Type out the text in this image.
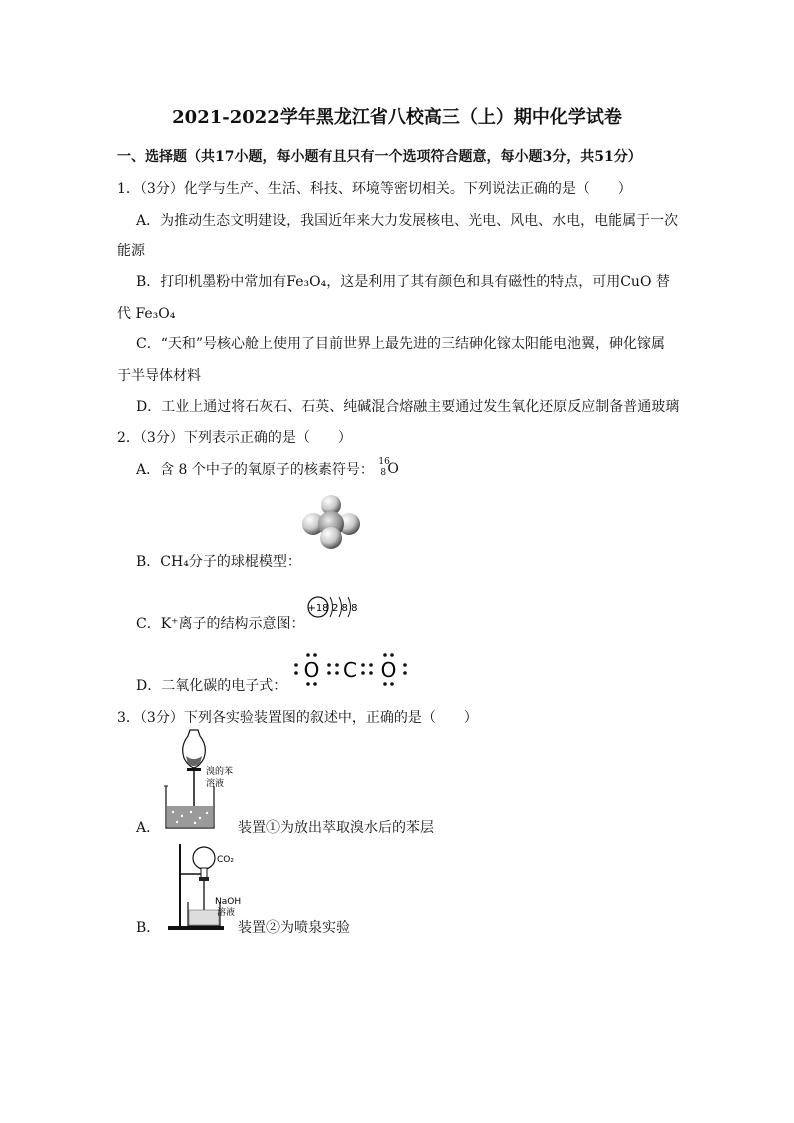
2021-2022学年黑龙江省八校高三（上）期中化学试卷
一、选择题（共17小题，每小题有且只有一个选项符合题意，每小题3分，共51分）
1．（3分）化学与生产、生活、科技、环境等密切相关。下列说法正确的是（　　）
A．为推动生态文明建设，我国近年来大力发展核电、光电、风电、水电，电能属于一次
能源
B．打印机墨粉中常加有Fe₃O₄，这是利用了其有颜色和具有磁性的特点，可用CuO 替
代 Fe₃O₄
C．“天和”号核心舱上使用了目前世界上最先进的三结砷化镓太阳能电池翼，砷化镓属
于半导体材料
D．工业上通过将石灰石、石英、纯碱混合熔融主要通过发生氧化还原反应制备普通玻璃
2．（3分）下列表示正确的是（　　）
A．含 8 个中子的氧原子的核素符号： 16
8 O
B．CH₄分子的球棍模型：
+18 2 8 8
C．K⁺离子的结构示意图：
O C O
D．二氧化碳的电子式：
3．（3分）下列各实验装置图的叙述中，正确的是（　　）
溴的苯
溶液
A．	装置①为放出萃取溴水后的苯层
CO₂
NaOH
溶液
B．	装置②为喷泉实验
